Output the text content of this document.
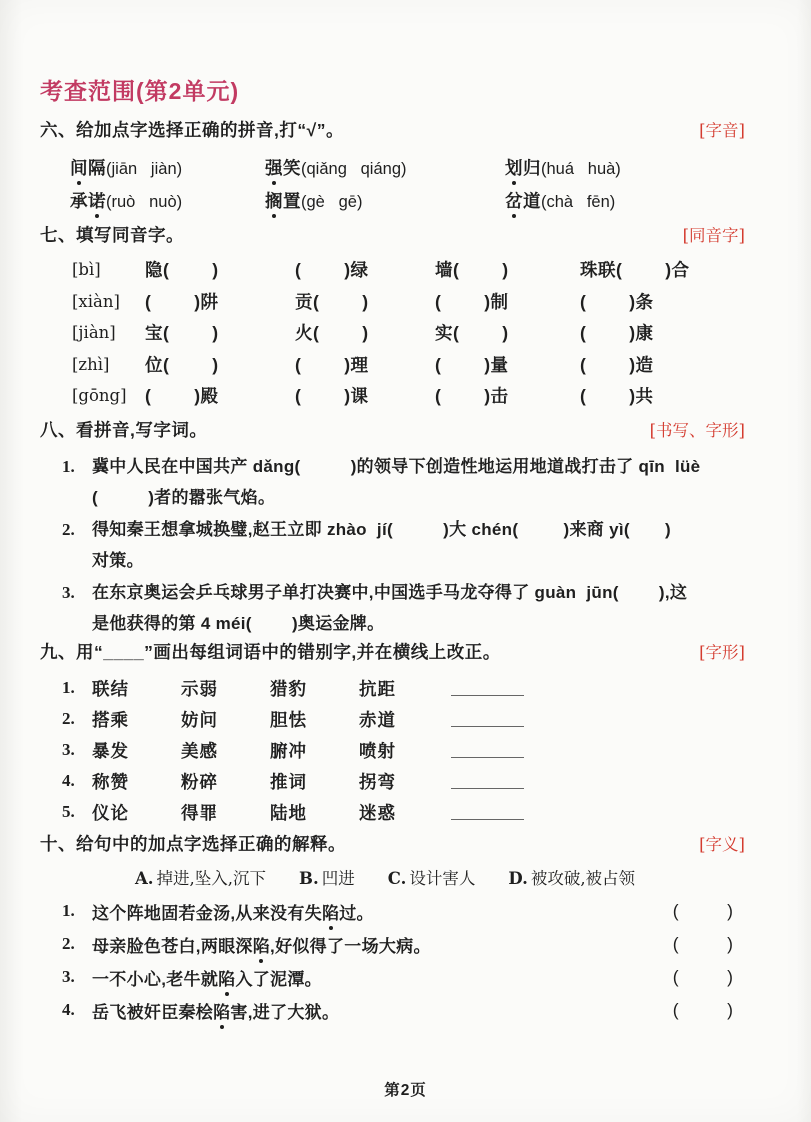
考查范围(第2单元)
六、给加点字选择正确的拼音,打“√”。	[字音]
间隔(jiān   jiàn)	强笑(qiǎng   qiáng)	划归(huá   huà)
承诺(ruò   nuò)	搁置(gè   gē)	岔道(chà   fēn)
七、填写同音字。	[同音字]
[bì]	隐(        )	(        )绿	墙(        )	珠联(        )合
[xiàn]	(        )阱	贡(        )	(        )制	(        )条
[jiàn]	宝(        )	火(        )	实(        )	(        )康
[zhì]	位(        )	(        )理	(        )量	(        )造
[gōng]	(        )殿	(        )课	(        )击	(        )共
八、看拼音,写字词。	[书写、字形]
1.	冀中人民在中国共产 dǎng(          )的领导下创造性地运用地道战打击了 qīn  lüè
(          )者的嚣张气焰。
2.	得知秦王想拿城换璧,赵王立即 zhào  jí(          )大 chén(         )来商 yì(       )
对策。
3.	在东京奥运会乒乓球男子单打决赛中,中国选手马龙夺得了 guàn  jūn(        ),这
是他获得的第 4 méi(        )奥运金牌。
九、用“____”画出每组词语中的错别字,并在横线上改正。	[字形]
1. 联结	示弱	猎豹	抗距
2. 搭乘	妨问	胆怯	赤道
3. 暴发	美感	腑冲	喷射
4. 称赞	粉碎	推词	拐弯
5. 仪论	得罪	陆地	迷惑
十、给句中的加点字选择正确的解释。	[字义]
A. 掉进,坠入,沉下 B. 凹进 C. 设计害人 D. 被攻破,被占领
1.	这个阵地固若金汤,从来没有失陷过。	(          )
2.	母亲脸色苍白,两眼深陷,好似得了一场大病。	(          )
3.	一不小心,老牛就陷入了泥潭。	(          )
4.	岳飞被奸臣秦桧陷害,进了大狱。	(          )
第2页
